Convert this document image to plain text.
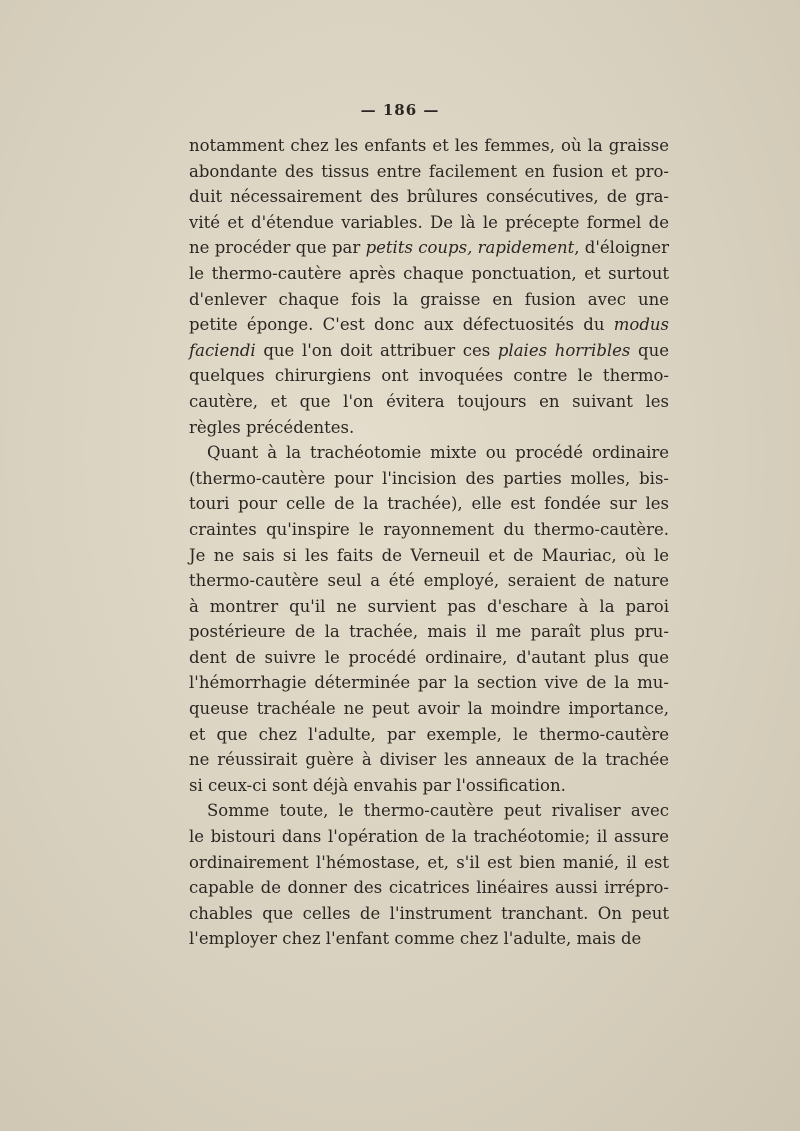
— 186 —
notamment chez les enfants et les femmes, où la graisse
abondante des tissus entre facilement en fusion et pro-
duit nécessairement des brûlures consécutives, de gra-
vité et d'étendue variables. De là le précepte formel de
ne procéder que par petits coups, rapidement, d'éloigner
le thermo-cautère après chaque ponctuation, et surtout
d'enlever chaque fois la graisse en fusion avec une
petite éponge. C'est donc aux défectuosités du modus
faciendi que l'on doit attribuer ces plaies horribles que
quelques chirurgiens ont invoquées contre le thermo-
cautère, et que l'on évitera toujours en suivant les
règles précédentes.
Quant à la trachéotomie mixte ou procédé ordinaire
(thermo-cautère pour l'incision des parties molles, bis-
touri pour celle de la trachée), elle est fondée sur les
craintes qu'inspire le rayonnement du thermo-cautère.
Je ne sais si les faits de Verneuil et de Mauriac, où le
thermo-cautère seul a été employé, seraient de nature
à montrer qu'il ne survient pas d'eschare à la paroi
postérieure de la trachée, mais il me paraît plus pru-
dent de suivre le procédé ordinaire, d'autant plus que
l'hémorrhagie déterminée par la section vive de la mu-
queuse trachéale ne peut avoir la moindre importance,
et que chez l'adulte, par exemple, le thermo-cautère
ne réussirait guère à diviser les anneaux de la trachée
si ceux-ci sont déjà envahis par l'ossification.
Somme toute, le thermo-cautère peut rivaliser avec
le bistouri dans l'opération de la trachéotomie; il assure
ordinairement l'hémostase, et, s'il est bien manié, il est
capable de donner des cicatrices linéaires aussi irrépro-
chables que celles de l'instrument tranchant. On peut
l'employer chez l'enfant comme chez l'adulte, mais de
